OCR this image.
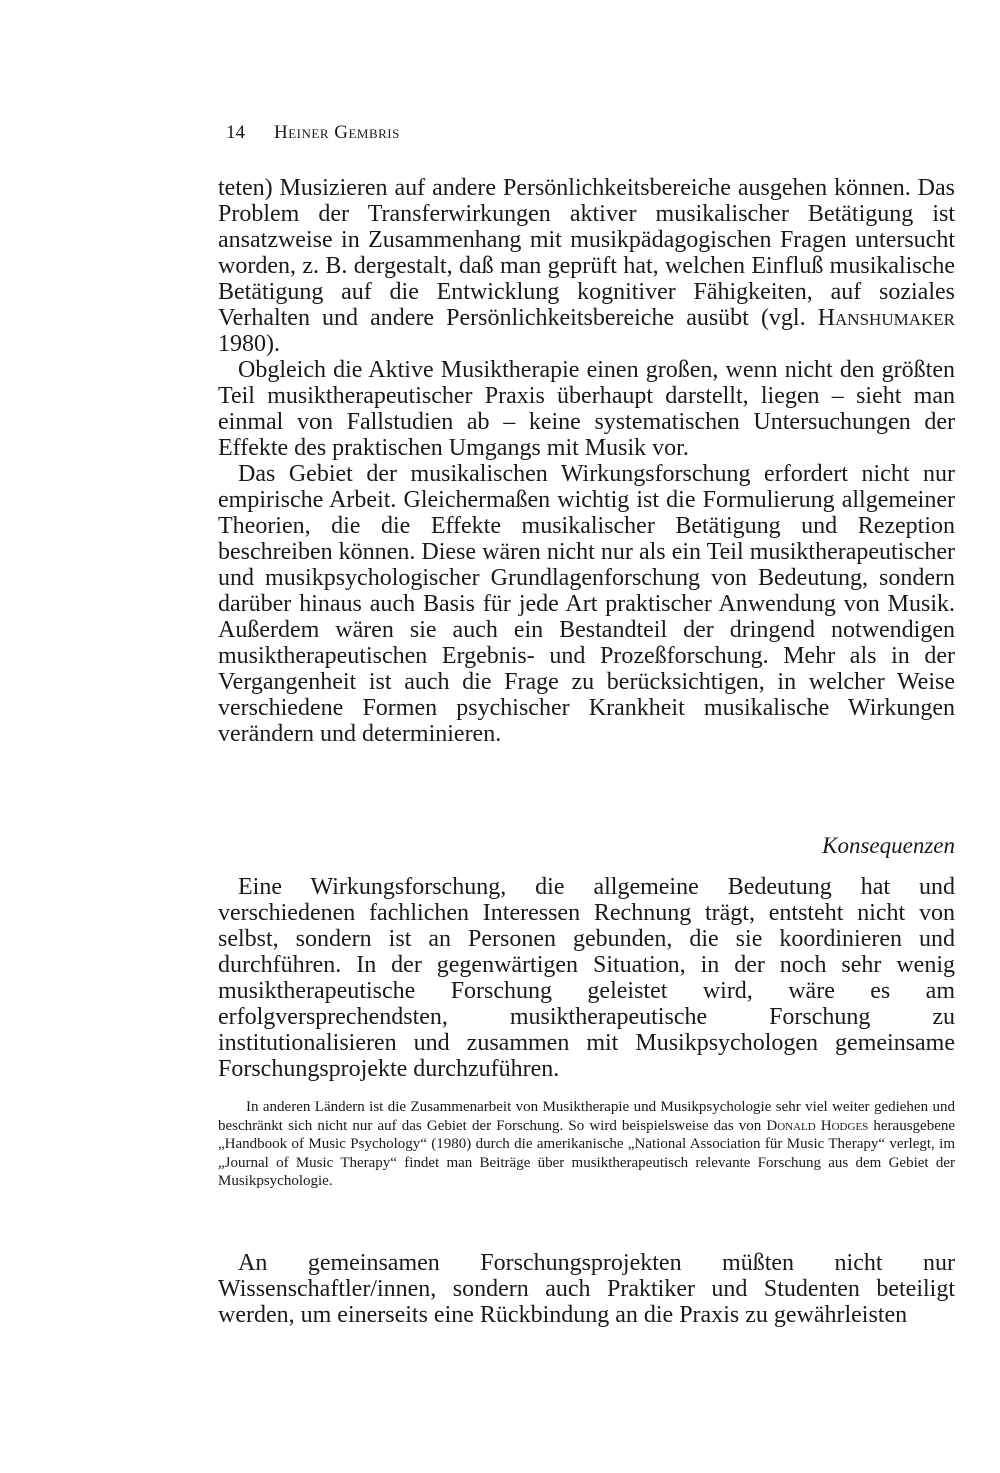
14 Heiner Gembris

teten) Musizieren auf andere Persönlichkeitsbereiche ausgehen können. Das Problem der Transferwirkungen aktiver musikalischer Betätigung ist ansatzweise in Zusammenhang mit musikpädagogischen Fragen untersucht worden, z. B. dergestalt, daß man geprüft hat, welchen Einfluß musikalische Betätigung auf die Entwicklung kognitiver Fähigkeiten, auf soziales Verhalten und andere Persönlichkeitsbereiche ausübt (vgl. Hanshumaker 1980).

Obgleich die Aktive Musiktherapie einen großen, wenn nicht den größten Teil musiktherapeutischer Praxis überhaupt darstellt, liegen – sieht man einmal von Fallstudien ab – keine systematischen Untersuchungen der Effekte des praktischen Umgangs mit Musik vor.

Das Gebiet der musikalischen Wirkungsforschung erfordert nicht nur empirische Arbeit. Gleichermaßen wichtig ist die Formulierung allgemeiner Theorien, die die Effekte musikalischer Betätigung und Rezeption beschreiben können. Diese wären nicht nur als ein Teil musiktherapeutischer und musikpsychologischer Grundlagenforschung von Bedeutung, sondern darüber hinaus auch Basis für jede Art praktischer Anwendung von Musik. Außerdem wären sie auch ein Bestandteil der dringend notwendigen musiktherapeutischen Ergebnis- und Prozeßforschung. Mehr als in der Vergangenheit ist auch die Frage zu berücksichtigen, in welcher Weise verschiedene Formen psychischer Krankheit musikalische Wirkungen verändern und determinieren.

Konsequenzen

Eine Wirkungsforschung, die allgemeine Bedeutung hat und verschiedenen fachlichen Interessen Rechnung trägt, entsteht nicht von selbst, sondern ist an Personen gebunden, die sie koordinieren und durchführen. In der gegenwärtigen Situation, in der noch sehr wenig musiktherapeutische Forschung geleistet wird, wäre es am erfolgversprechendsten, musiktherapeutische Forschung zu institutionalisieren und zusammen mit Musikpsychologen gemeinsame Forschungsprojekte durchzuführen.

In anderen Ländern ist die Zusammenarbeit von Musiktherapie und Musikpsychologie sehr viel weiter gediehen und beschränkt sich nicht nur auf das Gebiet der Forschung. So wird beispielsweise das von Donald Hodges herausgebene „Handbook of Music Psychology“ (1980) durch die amerikanische „National Association für Music Therapy“ verlegt, im „Journal of Music Therapy“ findet man Beiträge über musiktherapeutisch relevante Forschung aus dem Gebiet der Musikpsychologie.

An gemeinsamen Forschungsprojekten müßten nicht nur Wissenschaftler/innen, sondern auch Praktiker und Studenten beteiligt werden, um einerseits eine Rückbindung an die Praxis zu gewährleisten
